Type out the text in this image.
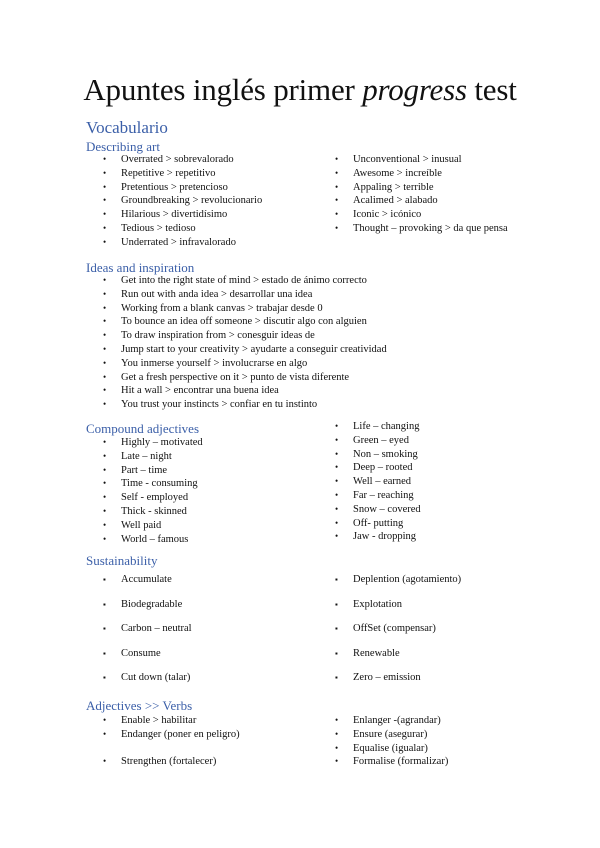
Apuntes inglés primer progress test
Vocabulario
Describing art
• Overrated > sobrevalorado
• Repetitive > repetitivo
• Pretentious > pretencioso
• Groundbreaking > revolucionario
• Hilarious > divertidísimo
• Tedious > tedioso
• Underrated > infravalorado
• Unconventional > inusual
• Awesome > increíble
• Appaling > terrible
• Acalimed > alabado
• Iconic > icónico
• Thought – provoking > da que pensa
Ideas and inspiration
• Get into the right state of mind > estado de ánimo correcto
• Run out with anda idea > desarrollar una idea
• Working from a blank canvas > trabajar desde 0
• To bounce an idea off someone > discutir algo con alguien
• To draw inspiration from > conesguir ideas de
• Jump start to your creativity > ayudarte a conseguir creatividad
• You inmerse yourself > involucrarse en algo
• Get a fresh perspective on it > punto de vista diferente
• Hit a wall > encontrar una buena idea
• You trust your instincts > confiar en tu instinto
Compound adjectives
• Highly – motivated
• Late – night
• Part – time
• Time - consuming
• Self - employed
• Thick - skinned
• Well paid
• World – famous
• Life – changing
• Green – eyed
• Non – smoking
• Deep – rooted
• Well – earned
• Far – reaching
• Snow – covered
• Off- putting
• Jaw - dropping
Sustainability
▪ Accumulate
▪ Biodegradable
▪ Carbon – neutral
▪ Consume
▪ Cut down (talar)
▪ Deplention (agotamiento)
▪ Explotation
▪ OffSet (compensar)
▪ Renewable
▪ Zero – emission
Adjectives >> Verbs
• Enable > habilitar
• Endanger (poner en peligro)
• Strengthen (fortalecer)
• Enlanger -(agrandar)
• Ensure (asegurar)
• Equalise (igualar)
• Formalise (formalizar)
